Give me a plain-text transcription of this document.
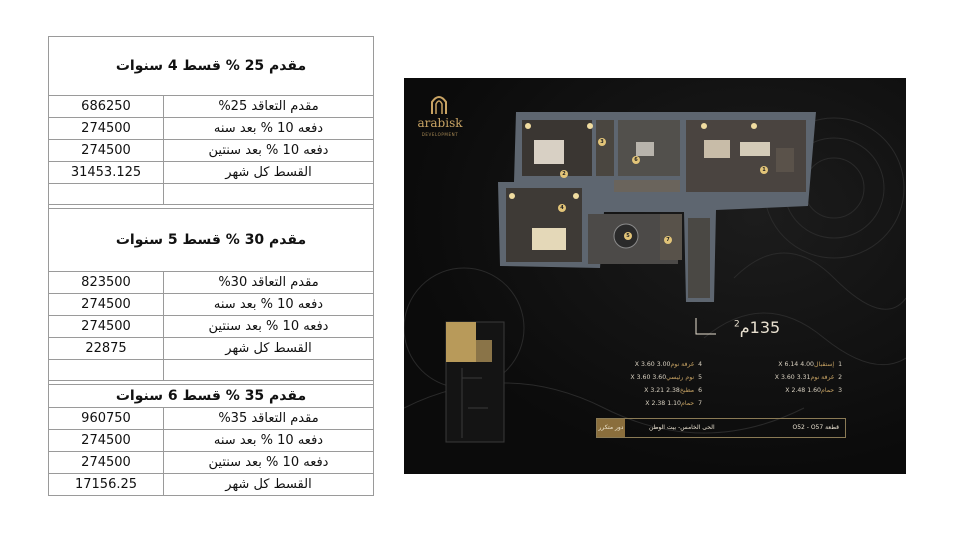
مقدم 25 % قسط 4 سنوات	
686250	مقدم التعاقد 25%
274500	دفعه 10 % بعد سنه
274500	دفعه 10 % بعد سنتين
31453.125	القسط كل شهر

مقدم 30 % قسط 5 سنوات	
823500	مقدم التعاقد 30%
274500	دفعه 10 % بعد سنه
274500	دفعه 10 % بعد سنتين
22875	القسط كل شهر

مقدم 35 % قسط 6 سنوات	
960750	مقدم التعاقد 35%
274500	دفعه 10 % بعد سنه
274500	دفعه 10 % بعد سنتين
17156.25	القسط كل شهر
arabisk
DEVELOPMENT
1
2
3
4
5
6
7
135م$^2$
1  إستقبال4.00 X 6.14
2  غرفة نوم3.31 X 3.60
3  حمام1.60 X 2.48
4  غرفة نوم3.00 X 3.60
5  نوم رئيسي3.60 X 3.60
6  مطبخ2.38 X 3.21
7  حمام1.10 X 2.38
دور متكرر	الحى الخامس- بيت الوطن	قطعة O52 - O57
